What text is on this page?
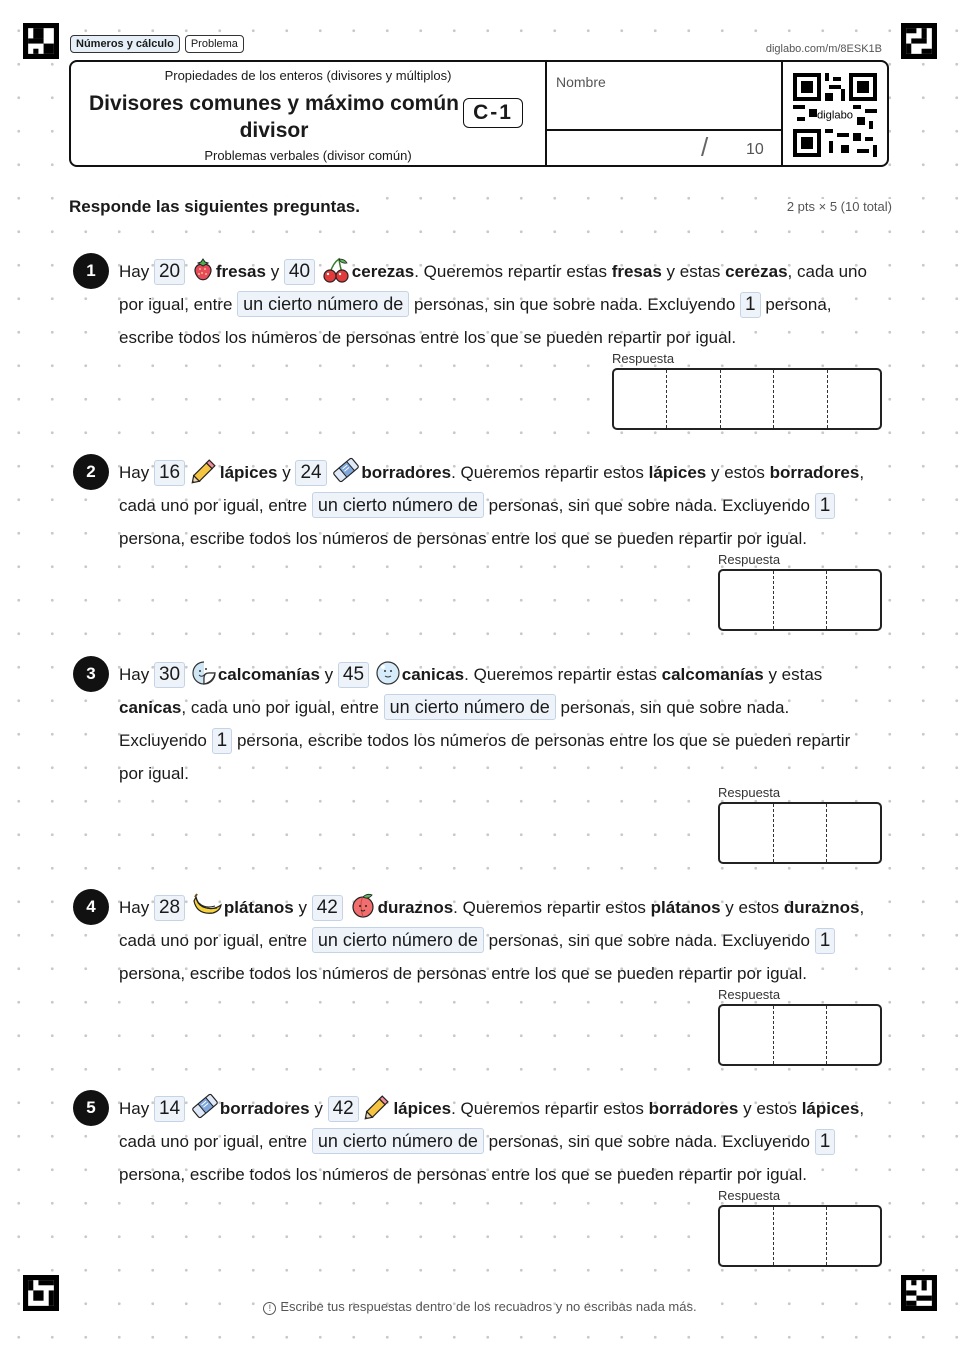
Números y cálculo	Problema	diglabo.com/m/8ESK1B
Propiedades de los enteros (divisores y múltiplos)
Divisores comunes y máximo común divisor
C-1
Problemas verbales (divisor común)
Nombre
/ 10
diglabo
Responde las siguientes preguntas.	2 pts × 5 (10 total)
1	Hay 20 fresas y 40 cerezas. Queremos repartir estas fresas y estas cerezas, cada uno por igual, entre un cierto número de personas, sin que sobre nada. Excluyendo 1 persona, escribe todos los números de personas entre los que se pueden repartir por igual.
Respuesta
2	Hay 16 lápices y 24 borradores. Queremos repartir estos lápices y estos borradores, cada uno por igual, entre un cierto número de personas, sin que sobre nada. Excluyendo 1 persona, escribe todos los números de personas entre los que se pueden repartir por igual.
Respuesta
3	Hay 30 calcomanías y 45 canicas. Queremos repartir estas calcomanías y estas canicas, cada uno por igual, entre un cierto número de personas, sin que sobre nada. Excluyendo 1 persona, escribe todos los números de personas entre los que se pueden repartir por igual.
Respuesta
4	Hay 28	plátanos y 42 duraznos. Queremos repartir estos plátanos y estos duraznos, cada uno por igual, entre un cierto número de personas, sin que sobre nada. Excluyendo 1 persona, escribe todos los números de personas entre los que se pueden repartir por igual.
Respuesta
5	Hay 14 borradores y 42 lápices. Queremos repartir estos borradores y estos lápices, cada uno por igual, entre un cierto número de personas, sin que sobre nada. Excluyendo 1 persona, escribe todos los números de personas entre los que se pueden repartir por igual.
Respuesta
! Escribe tus respuestas dentro de los recuadros y no escribas nada más.
